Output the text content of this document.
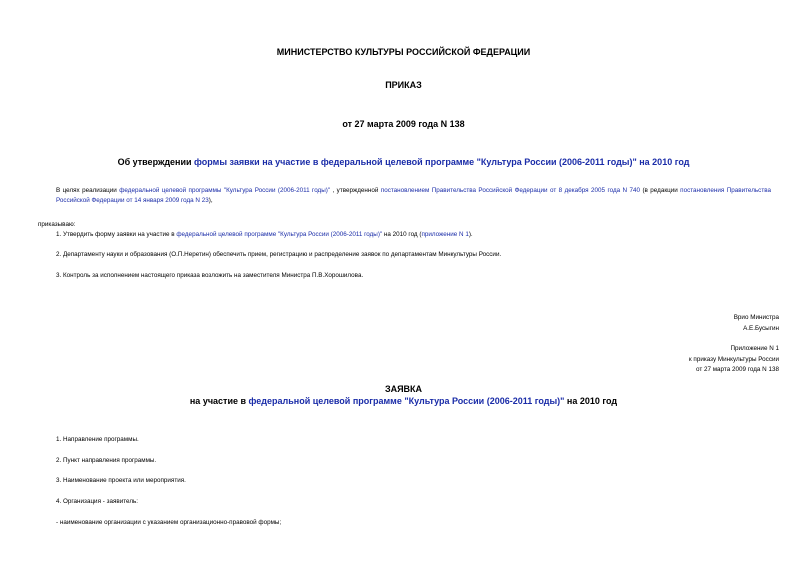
МИНИСТЕРСТВО КУЛЬТУРЫ РОССИЙСКОЙ ФЕДЕРАЦИИ
ПРИКАЗ
от 27 марта 2009 года N 138
Об утверждении формы заявки на участие в федеральной целевой программе "Культура России (2006-2011 годы)" на 2010 год
В целях реализации федеральной целевой программы "Культура России (2006-2011 годы)" , утвержденной постановлением Правительства Российской Федерации от 8 декабря 2005 года N 740 (в редакции постановления Правительства Российской Федерации от 14 января 2009 года N 23),
приказываю:
1. Утвердить форму заявки на участие в федеральной целевой программе "Культура России (2006-2011 годы)" на 2010 год (приложение N 1).
2. Департаменту науки и образования (О.П.Неретин) обеспечить прием, регистрацию и распределение заявок по департаментам Минкультуры России.
3. Контроль за исполнением настоящего приказа возложить на заместителя Министра П.В.Хорошилова.
Врио Министра
А.Е.Бусыгин
Приложение N 1
к приказу Минкультуры России
от 27 марта 2009 года N 138
ЗАЯВКА
на участие в федеральной целевой программе "Культура России (2006-2011 годы)" на 2010 год
1. Направление программы.
2. Пункт направления программы.
3. Наименование проекта или мероприятия.
4. Организация - заявитель:
- наименование организации с указанием организационно-правовой формы;
